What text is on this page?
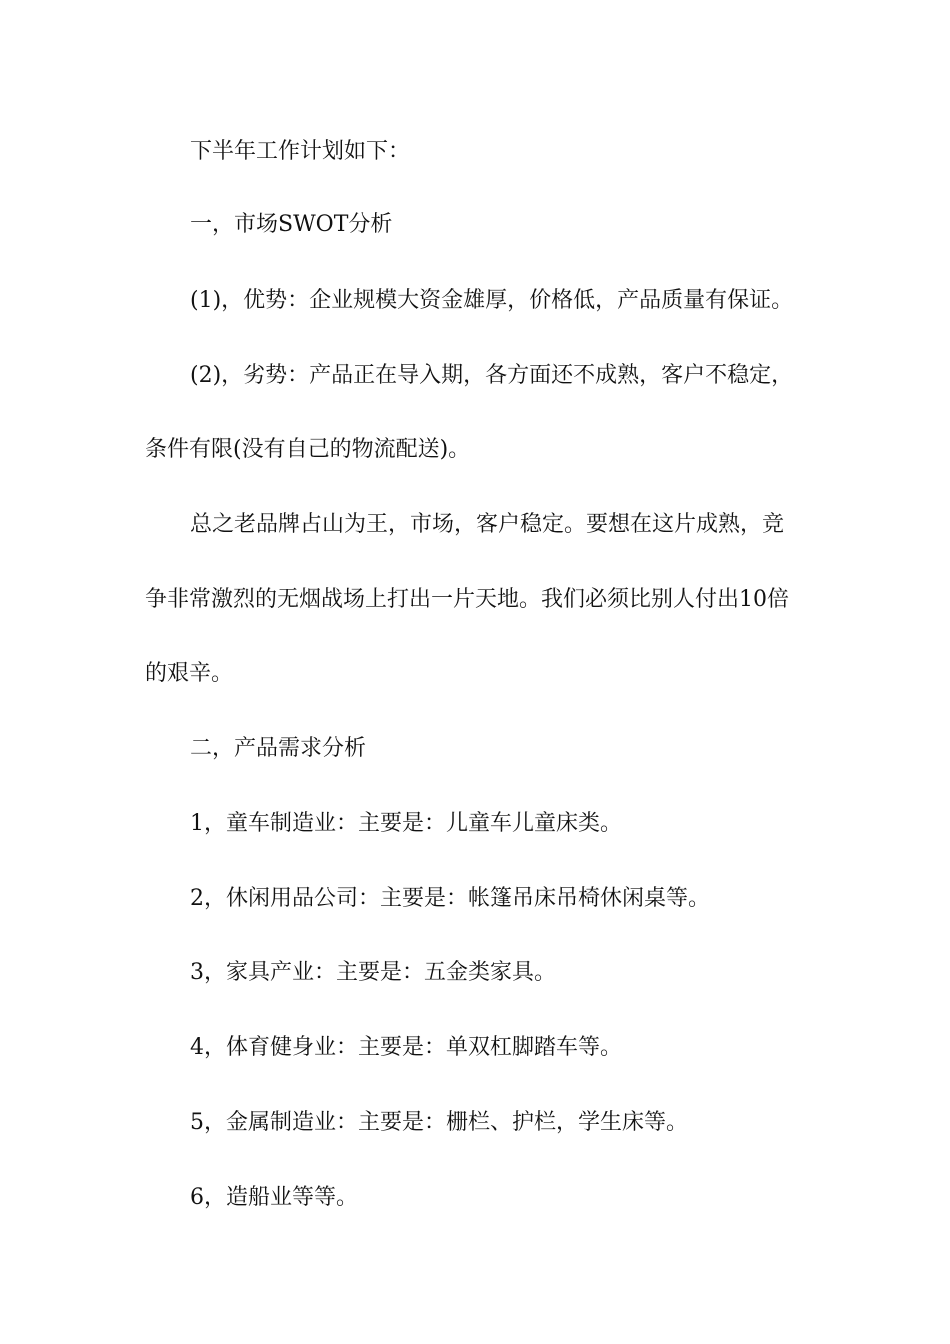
下半年工作计划如下：
一，市场SWOT分析
(1)，优势：企业规模大资金雄厚，价格低，产品质量有保证。
(2)，劣势：产品正在导入期，各方面还不成熟，客户不稳定，
条件有限(没有自己的物流配送)。
总之老品牌占山为王，市场，客户稳定。要想在这片成熟，竞
争非常激烈的无烟战场上打出一片天地。我们必须比别人付出10倍
的艰辛。
二，产品需求分析
1，童车制造业：主要是：儿童车儿童床类。
2，休闲用品公司：主要是：帐篷吊床吊椅休闲桌等。
3，家具产业：主要是：五金类家具。
4，体育健身业：主要是：单双杠脚踏车等。
5，金属制造业：主要是：栅栏、护栏，学生床等。
6，造船业等等。
